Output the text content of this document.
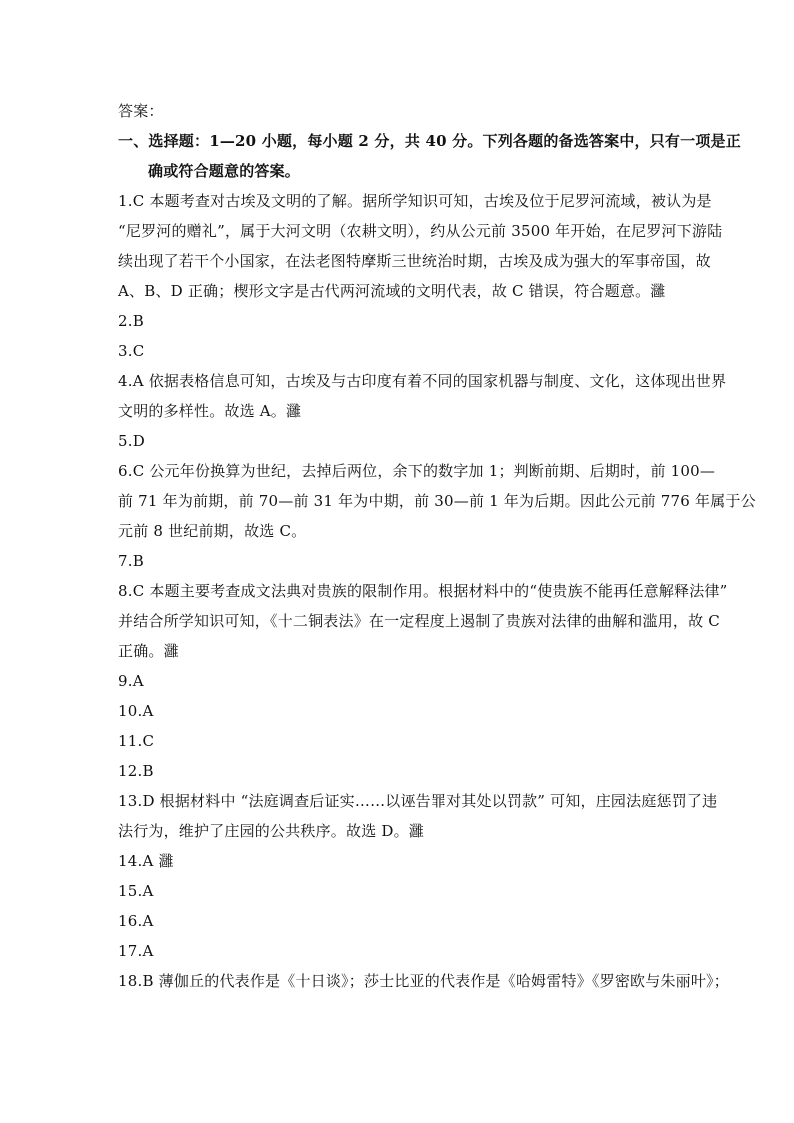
答案：
一、选择题：1—20 小题，每小题 2 分，共 40 分。下列各题的备选答案中，只有一项是正
确或符合题意的答案。
1.C 本题考查对古埃及文明的了解。据所学知识可知，古埃及位于尼罗河流域，被认为是
“尼罗河的赠礼”，属于大河文明（农耕文明），约从公元前 3500 年开始，在尼罗河下游陆
续出现了若干个小国家，在法老图特摩斯三世统治时期，古埃及成为强大的军事帝国，故
A、B、D 正确；楔形文字是古代两河流域的文明代表，故 C 错误，符合题意。灉
2.B
3.C
4.A 依据表格信息可知，古埃及与古印度有着不同的国家机器与制度、文化，这体现出世界
文明的多样性。故选 A。灉
5.D
6.C 公元年份换算为世纪，去掉后两位，余下的数字加 1；判断前期、后期时，前 100—
前 71 年为前期，前 70—前 31 年为中期，前 30—前 1 年为后期。因此公元前 776 年属于公
元前 8 世纪前期，故选 C。
7.B
8.C 本题主要考查成文法典对贵族的限制作用。根据材料中的“使贵族不能再任意解释法律”
并结合所学知识可知，《十二铜表法》在一定程度上遏制了贵族对法律的曲解和滥用，故 C
正确。灉
9.A
10.A
11.C
12.B
13.D 根据材料中 “法庭调查后证实……以诬告罪对其处以罚款” 可知，庄园法庭惩罚了违
法行为，维护了庄园的公共秩序。故选 D。灉
14.A 灉
15.A
16.A
17.A
18.B 薄伽丘的代表作是《十日谈》；莎士比亚的代表作是《哈姆雷特》《罗密欧与朱丽叶》；
